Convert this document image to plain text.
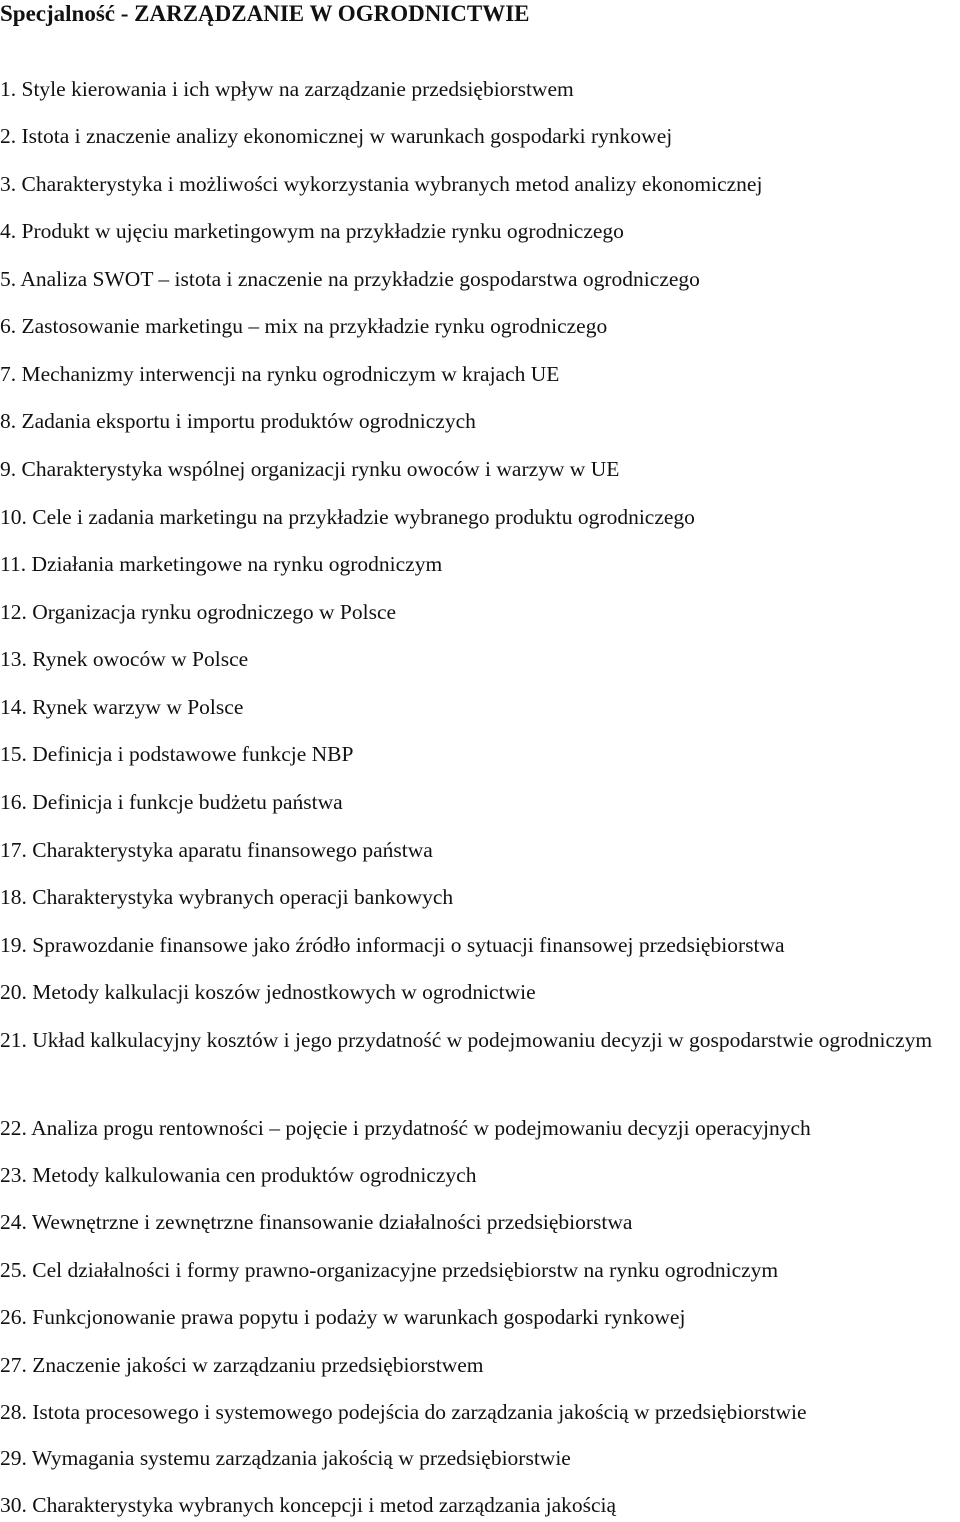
Specjalność - ZARZĄDZANIE W OGRODNICTWIE
1. Style kierowania i ich wpływ na zarządzanie przedsiębiorstwem
2. Istota i znaczenie analizy ekonomicznej w warunkach gospodarki rynkowej
3. Charakterystyka i możliwości wykorzystania wybranych metod analizy ekonomicznej
4. Produkt w ujęciu marketingowym na przykładzie rynku ogrodniczego
5. Analiza SWOT – istota i znaczenie na przykładzie gospodarstwa ogrodniczego
6. Zastosowanie marketingu – mix na przykładzie rynku ogrodniczego
7. Mechanizmy interwencji na rynku ogrodniczym w krajach UE
8. Zadania eksportu i importu produktów ogrodniczych
9. Charakterystyka wspólnej organizacji rynku owoców i warzyw w UE
10. Cele i zadania marketingu na przykładzie wybranego produktu ogrodniczego
11. Działania marketingowe na rynku ogrodniczym
12. Organizacja rynku ogrodniczego w Polsce
13. Rynek owoców w Polsce
14. Rynek warzyw w Polsce
15. Definicja i podstawowe funkcje NBP
16. Definicja i funkcje budżetu państwa
17. Charakterystyka aparatu finansowego państwa
18. Charakterystyka wybranych operacji bankowych
19. Sprawozdanie finansowe jako źródło informacji o sytuacji finansowej przedsiębiorstwa
20. Metody kalkulacji koszów jednostkowych w ogrodnictwie
21. Układ kalkulacyjny kosztów i jego przydatność w podejmowaniu decyzji w gospodarstwie ogrodniczym
22. Analiza progu rentowności – pojęcie i przydatność w podejmowaniu decyzji operacyjnych
23. Metody kalkulowania cen produktów ogrodniczych
24. Wewnętrzne i zewnętrzne finansowanie działalności przedsiębiorstwa
25. Cel działalności i formy prawno-organizacyjne przedsiębiorstw na rynku ogrodniczym
26. Funkcjonowanie prawa popytu i podaży w warunkach gospodarki rynkowej
27. Znaczenie jakości w zarządzaniu przedsiębiorstwem
28. Istota procesowego i systemowego podejścia do zarządzania jakością w przedsiębiorstwie
29. Wymagania systemu zarządzania jakością w przedsiębiorstwie
30. Charakterystyka wybranych koncepcji i metod zarządzania jakością
